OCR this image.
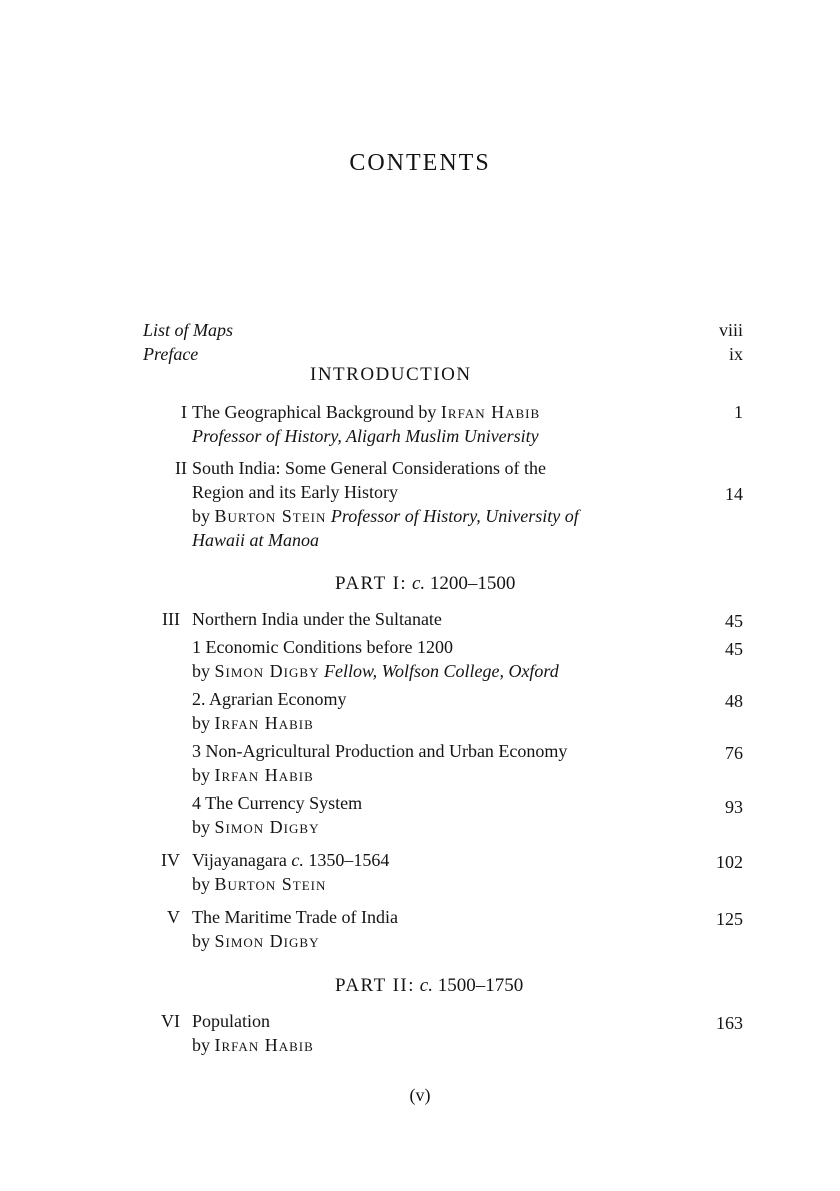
CONTENTS
List of Maps	viii
Preface	ix
INTRODUCTION
I The Geographical Background by Irfan Habib	1
Professor of History, Aligarh Muslim University
II South India: Some General Considerations of the
Region and its Early History	14
by Burton Stein Professor of History, University of
Hawaii at Manoa
PART I: c. 1200–1500
III Northern India under the Sultanate	45
1 Economic Conditions before 1200	45
by Simon Digby Fellow, Wolfson College, Oxford
2. Agrarian Economy	48
by Irfan Habib
3 Non-Agricultural Production and Urban Economy	76
by Irfan Habib
4 The Currency System	93
by Simon Digby
IV Vijayanagara c. 1350–1564	102
by Burton Stein
V The Maritime Trade of India	125
by Simon Digby
PART II: c. 1500–1750
VI Population	163
by Irfan Habib
(v)
